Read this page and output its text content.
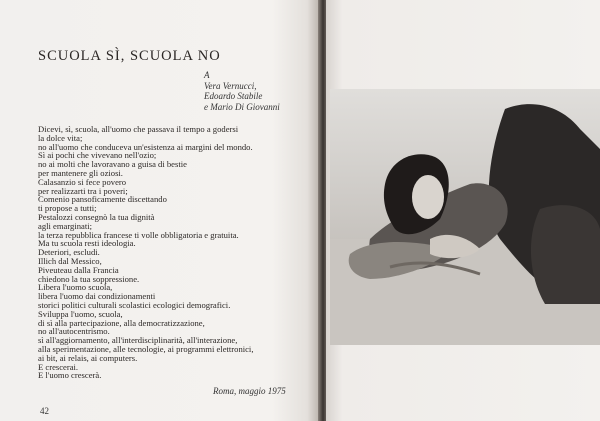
SCUOLA SÌ, SCUOLA NO
A
Vera Vernucci,
Edoardo Stabile
e Mario Di Giovanni
Dicevi, sì, scuola, all'uomo che passava il tempo a godersi
la dolce vita;
no all'uomo che conduceva un'esistenza ai margini del mondo.
Sì ai pochi che vivevano nell'ozio;
no ai molti che lavoravano a guisa di bestie
per mantenere gli oziosi.
Calasanzio si fece povero
per realizzarti tra i poveri;
Comenio pansoficamente discettando
ti propose a tutti;
Pestalozzi consegnò la tua dignità
agli emarginati;
la terza repubblica francese ti volle obbligatoria e gratuita.
Ma tu scuola resti ideologia.
Deteriori, escludi.
Illich dal Messico,
Piveuteau dalla Francia
chiedono la tua soppressione.
Libera l'uomo scuola,
libera l'uomo dai condizionamenti
storici politici culturali scolastici ecologici demografici.
Sviluppa l'uomo, scuola,
di sì alla partecipazione, alla democratizzazione,
no all'autocentrismo.
sì all'aggiornamento, all'interdisciplinarità, all'interazione,
alla sperimentazione, alle tecnologie, ai programmi elettronici,
ai bit, ai relais, ai computers.
E crescerai.
E l'uomo crescerà.
Roma, maggio 1975
42
